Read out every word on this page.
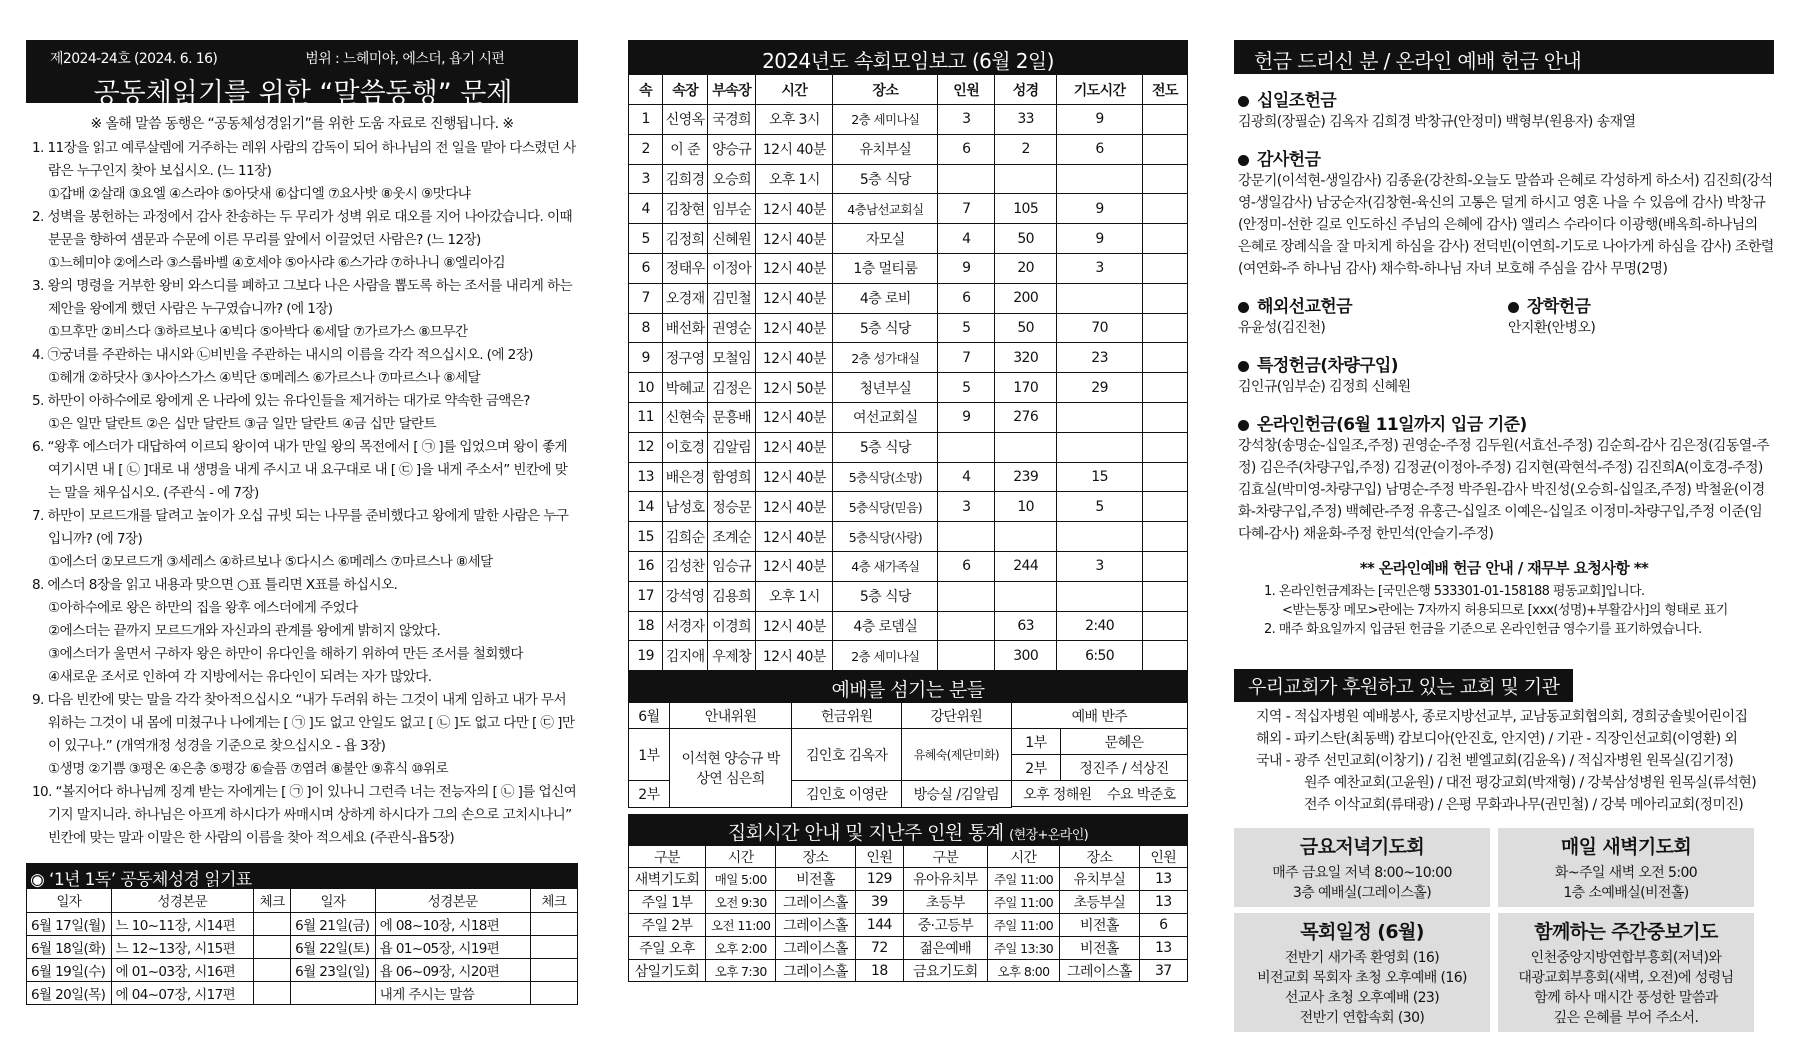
제2024-24호 (2024. 6. 16)	범위 : 느헤미야, 에스더, 욥기 시편
공동체읽기를 위한 “말씀동행” 문제
※ 올해 말씀 동행은 “공동체성경읽기”를 위한 도움 자료로 진행됩니다. ※
1. 11장을 읽고 예루살렘에 거주하는 레위 사람의 감독이 되어 하나님의 전 일을 맡아 다스렸던 사람은 누구인지 찾아 보십시오. (느 11장)
①갑배 ②살래 ③요엘 ④스라야 ⑤아닷새 ⑥삽디엘 ⑦요사밧 ⑧웃시 ⑨맛다냐
2. 성벽을 봉헌하는 과정에서 감사 찬송하는 두 무리가 성벽 위로 대오를 지어 나아갔습니다. 이때 분문을 향하여 샘문과 수문에 이른 무리를 앞에서 이끌었던 사람은? (느 12장)
①느헤미야 ②에스라 ③스룹바벨 ④호세야 ⑤아사랴 ⑥스가랴 ⑦하나니 ⑧엘리아김
3. 왕의 명령을 거부한 왕비 와스디를 폐하고 그보다 나은 사람을 뽑도록 하는 조서를 내리게 하는 제안을 왕에게 했던 사람은 누구였습니까? (에 1장)
①므후만 ②비스다 ③하르보나 ④빅다 ⑤아박다 ⑥세달 ⑦가르가스 ⑧므무간
4. ㉠궁녀를 주관하는 내시와 ㉡비빈을 주관하는 내시의 이름을 각각 적으십시오. (에 2장)
①헤개 ②하닷사 ③사아스가스 ④빅단 ⑤메레스 ⑥가르스나 ⑦마르스나 ⑧세달
5. 하만이 아하수에로 왕에게 온 나라에 있는 유다인들을 제거하는 대가로 약속한 금액은?
①은 일만 달란트 ②은 십만 달란트 ③금 일만 달란트 ④금 십만 달란트
6. “왕후 에스더가 대답하여 이르되 왕이여 내가 만일 왕의 목전에서 [ ㉠ ]를 입었으며 왕이 좋게 여기시면 내 [ ㉡ ]대로 내 생명을 내게 주시고 내 요구대로 내 [ ㉢ ]을 내게 주소서” 빈칸에 맞는 말을 채우십시오. (주관식 - 에 7장)
7. 하만이 모르드개를 달려고 높이가 오십 규빗 되는 나무를 준비했다고 왕에게 말한 사람은 누구입니까? (에 7장)
①에스더 ②모르드개 ③세레스 ④하르보나 ⑤다시스 ⑥메레스 ⑦마르스나 ⑧세달
8. 에스더 8장을 읽고 내용과 맞으면 ○표 틀리면 X표를 하십시오.
①아하수에로 왕은 하만의 집을 왕후 에스더에게 주었다
②에스더는 끝까지 모르드개와 자신과의 관계를 왕에게 밝히지 않았다.
③에스더가 울면서 구하자 왕은 하만이 유다인을 해하기 위하여 만든 조서를 철회했다
④새로운 조서로 인하여 각 지방에서는 유다인이 되려는 자가 많았다.
9. 다음 빈칸에 맞는 말을 각각 찾아적으십시오 “내가 두려워 하는 그것이 내게 임하고 내가 무서워하는 그것이 내 몸에 미쳤구나 나에게는 [ ㉠ ]도 없고 안일도 없고 [ ㉡ ]도 없고 다만 [ ㉢ ]만이 있구나.” (개역개정 성경을 기준으로 찾으십시오 - 욥 3장)
①생명 ②기쁨 ③평온 ④은총 ⑤평강 ⑥슬픔 ⑦염려 ⑧불안 ⑨휴식 ⑩위로
10. “볼지어다 하나님께 징계 받는 자에게는 [ ㉠ ]이 있나니 그런즉 너는 전능자의 [ ㉡ ]를 업신여기지 말지니라. 하나님은 아프게 하시다가 싸매시며 상하게 하시다가 그의 손으로 고치시나니” 빈칸에 맞는 말과 이말은 한 사람의 이름을 찾아 적으세요 (주관식-욥5장)
◉ ‘1년 1독’ 공동체성경 읽기표
일자	성경본문	체크	일자	성경본문	체크
6월 17일(월)	느 10~11장, 시14편		6월 21일(금)	에 08~10장, 시18편	
6월 18일(화)	느 12~13장, 시15편		6월 22일(토)	욥 01~05장, 시19편	
6월 19일(수)	에 01~03장, 시16편		6월 23일(일)	욥 06~09장, 시20편	
6월 20일(목)	에 04~07장, 시17편			내게 주시는 말씀	
2024년도 속회모임보고 (6월 2일)
속	속장	부속장	시간	장소	인원	성경	기도시간	전도
1	신영옥	국경희	오후 3시	2층 세미나실	3	33	9	
2	이 준	양승규	12시 40분	유치부실	6	2	6	
3	김희경	오승희	오후 1시	5층 식당				
4	김창현	임부순	12시 40분	4층남선교회실	7	105	9	
5	김정희	신혜원	12시 40분	자모실	4	50	9	
6	정태우	이정아	12시 40분	1층 멀티룸	9	20	3	
7	오경재	김민철	12시 40분	4층 로비	6	200		
8	배선화	권영순	12시 40분	5층 식당	5	50	70	
9	정구영	모철임	12시 40분	2층 성가대실	7	320	23	
10	박혜교	김정은	12시 50분	청년부실	5	170	29	
11	신현숙	문흥배	12시 40분	여선교회실	9	276		
12	이호경	김알림	12시 40분	5층 식당				
13	배은경	함영희	12시 40분	5층식당(소망)	4	239	15	
14	남성호	정승문	12시 40분	5층식당(믿음)	3	10	5	
15	김희순	조계순	12시 40분	5층식당(사랑)				
16	김성찬	임승규	12시 40분	4층 새가족실	6	244	3	
17	강석영	김용희	오후 1시	5층 식당				
18	서경자	이경희	12시 40분	4층 로뎀실		63	2:40	
19	김지애	우제창	12시 40분	2층 세미나실		300	6:50	
예배를 섬기는 분들
6월	안내위원	헌금위원	강단위원	예배 반주	
1부	이석현 양승규 박상연 심은희	김인호 김옥자	유혜숙(제단미화)	1부	문혜은
				2부	정진주 / 석상진
2부		김인호 이영란	방승실 /김알림	오후 정해원 수요 박준호	

집회시간 안내 및 지난주 인원 통계 (현장+온라인)
구분	시간	장소	인원	구분	시간	장소	인원
새벽기도회	매일 5:00	비전홀	129	유아유치부	주일 11:00	유치부실	13
주일 1부	오전 9:30	그레이스홀	39	초등부	주일 11:00	초등부실	13
주일 2부	오전 11:00	그레이스홀	144	중·고등부	주일 11:00	비전홀	6
주일 오후	오후 2:00	그레이스홀	72	젊은예배	주일 13:30	비전홀	13
삼일기도회	오후 7:30	그레이스홀	18	금요기도회	오후 8:00	그레이스홀	37
헌금 드리신 분 / 온라인 예배 헌금 안내
십일조헌금
김광희(장필순) 김옥자 김희경 박창규(안정미) 백형부(원용자) 송재열
감사헌금
강문기(이석현-생일감사) 김종윤(강찬희-오늘도 말씀과 은혜로 각성하게 하소서) 김진희(강석영-생일감사) 남궁순자(김창현-육신의 고통은 덜게 하시고 영혼 나을 수 있음에 감사) 박창규(안정미-선한 길로 인도하신 주님의 은혜에 감사) 앨리스 수라이다 이광행(배옥희-하나님의 은혜로 장례식을 잘 마치게 하심을 감사) 전덕빈(이연희-기도로 나아가게 하심을 감사) 조한렬(여연화-주 하나님 감사) 채수학-하나님 자녀 보호해 주심을 감사 무명(2명)
해외선교헌금
유윤성(김진천)
장학헌금
안지환(안병오)
특정헌금(차량구입)
김인규(임부순) 김정희 신혜원
온라인헌금(6월 11일까지 입금 기준)
강석창(송명순-십일조,주정) 권영순-주정 김두원(서효선-주정) 김순희-감사 김은정(김동열-주정) 김은주(차량구입,주정) 김정균(이정아-주정) 김지현(곽현석-주정) 김진희A(이호경-주정) 김효실(박미영-차량구입) 남명순-주정 박주원-감사 박진성(오승희-십일조,주정) 박철윤(이경화-차량구입,주정) 백혜란-주정 유홍근-십일조 이예은-십일조 이정미-차량구입,주정 이준(임다혜-감사) 채윤화-주정 한민석(안슬기-주정)
** 온라인예배 헌금 안내 / 재무부 요청사항 **
1. 온라인헌금계좌는 [국민은행 533301-01-158188 평동교회]입니다.
<받는통장 메모>란에는 7자까지 허용되므로 [xxx(성명)+부활감사]의 형태로 표기
2. 매주 화요일까지 입금된 헌금을 기준으로 온라인헌금 영수기를 표기하였습니다.
우리교회가 후원하고 있는 교회 및 기관
지역 - 적십자병원 예배봉사, 종로지방선교부, 교남동교회협의회, 경희궁솔빛어린이집
해외 - 파키스탄(최동백) 캄보디아(안진호, 안지연) / 기관 - 직장인선교회(이영환) 외
국내 - 광주 선민교회(이창기) / 김천 벧엘교회(김윤옥) / 적십자병원 원목실(김기정)
원주 예찬교회(고윤원) / 대전 평강교회(박재형) / 강북삼성병원 원목실(류석현)
전주 이삭교회(류태광) / 은평 무화과나무(권민철) / 강북 메아리교회(정미진)
금요저녁기도회
매주 금요일 저녁 8:00~10:00
3층 예배실(그레이스홀)
매일 새벽기도회
화~주일 새벽 오전 5:00
1층 소예배실(비전홀)
목회일정 (6월)
전반기 새가족 환영회 (16)
비전교회 목회자 초청 오후예배 (16)
선교사 초청 오후예배 (23)
전반기 연합속회 (30)
함께하는 주간중보기도
인천중앙지방연합부흥회(저녁)와
대광교회부흥회(새벽, 오전)에 성령님
함께 하사 매시간 풍성한 말씀과
깊은 은혜를 부어 주소서.
